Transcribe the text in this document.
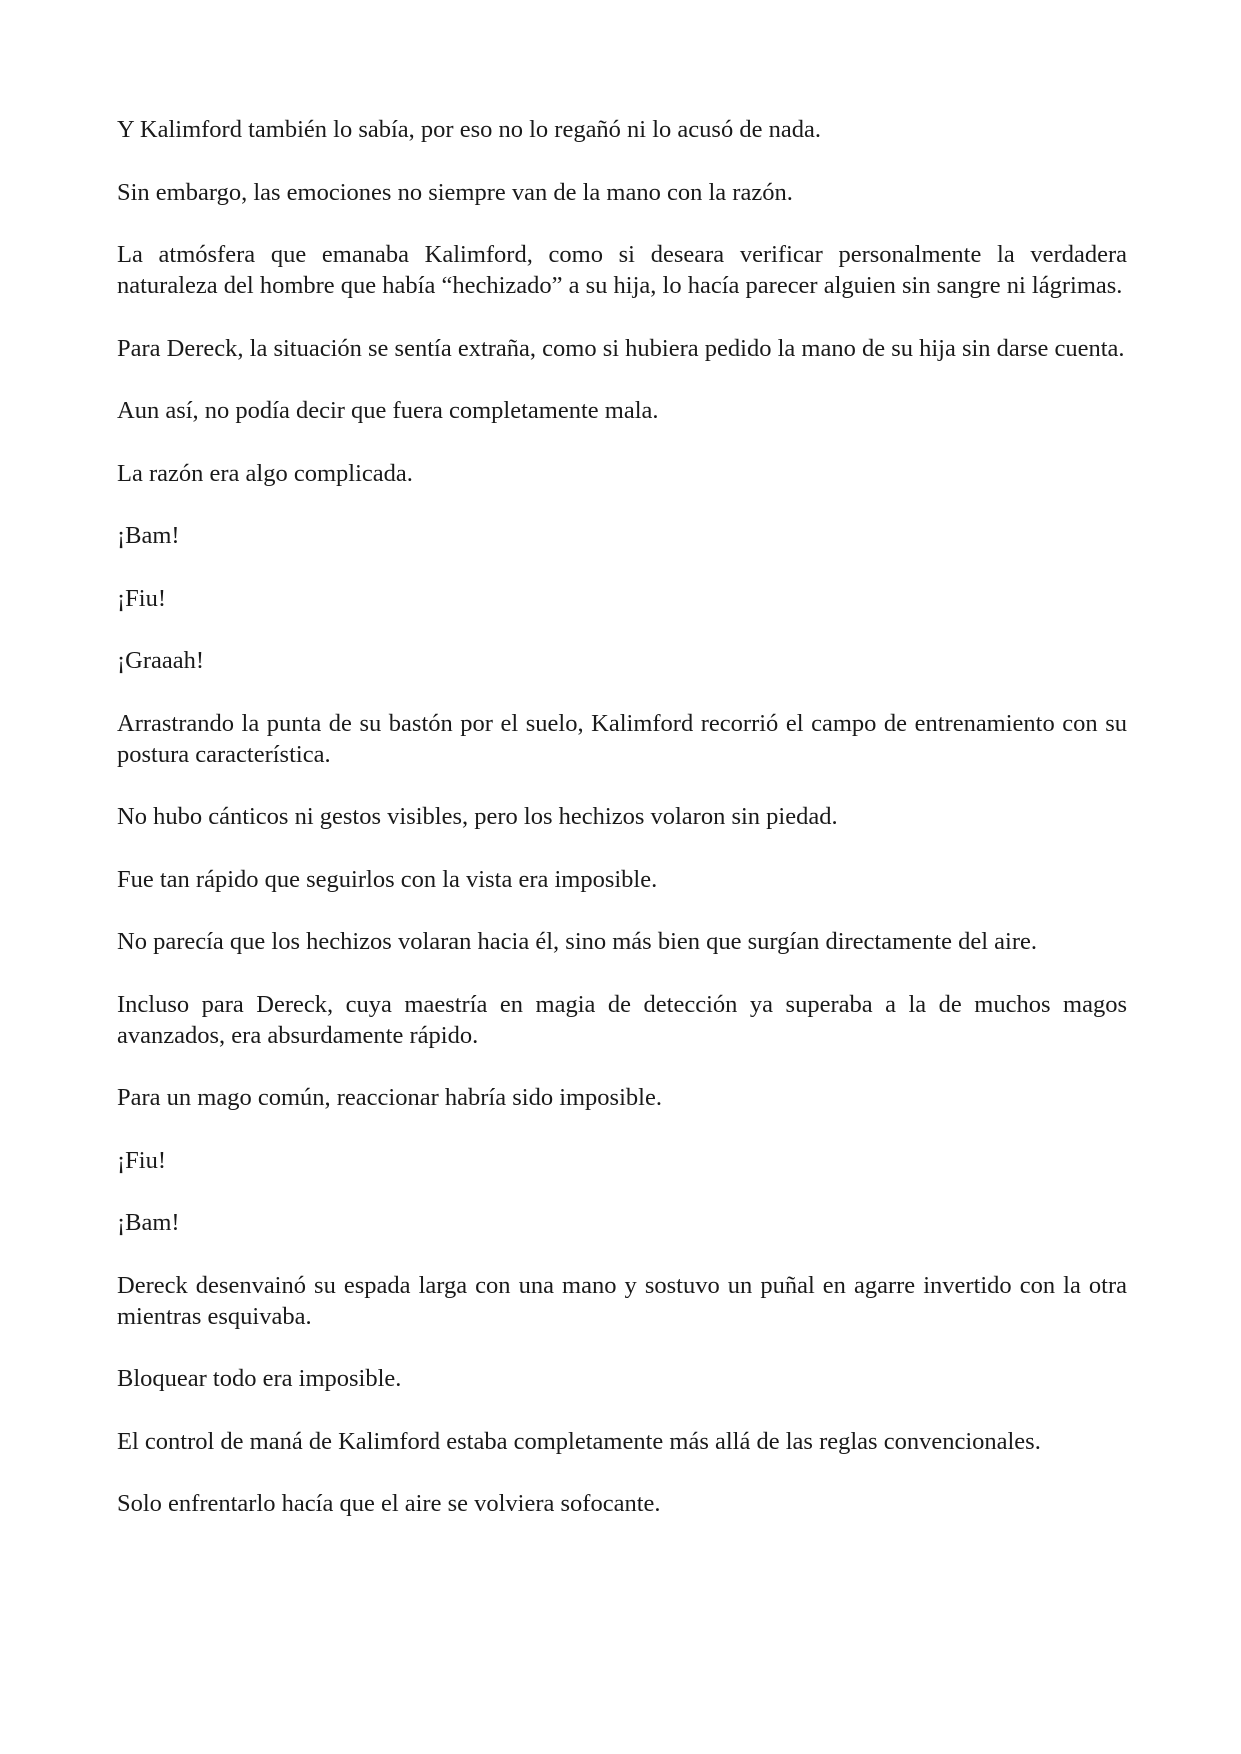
Y Kalimford también lo sabía, por eso no lo regañó ni lo acusó de nada.

Sin embargo, las emociones no siempre van de la mano con la razón.

La atmósfera que emanaba Kalimford, como si deseara verificar personalmente la verdadera naturaleza del hombre que había “hechizado” a su hija, lo hacía parecer alguien sin sangre ni lágrimas.

Para Dereck, la situación se sentía extraña, como si hubiera pedido la mano de su hija sin darse cuenta.

Aun así, no podía decir que fuera completamente mala.

La razón era algo complicada.

¡Bam!

¡Fiu!

¡Graaah!

Arrastrando la punta de su bastón por el suelo, Kalimford recorrió el campo de entrenamiento con su postura característica.

No hubo cánticos ni gestos visibles, pero los hechizos volaron sin piedad.

Fue tan rápido que seguirlos con la vista era imposible.

No parecía que los hechizos volaran hacia él, sino más bien que surgían directamente del aire.

Incluso para Dereck, cuya maestría en magia de detección ya superaba a la de muchos magos avanzados, era absurdamente rápido.

Para un mago común, reaccionar habría sido imposible.

¡Fiu!

¡Bam!

Dereck desenvainó su espada larga con una mano y sostuvo un puñal en agarre invertido con la otra mientras esquivaba.

Bloquear todo era imposible.

El control de maná de Kalimford estaba completamente más allá de las reglas convencionales.

Solo enfrentarlo hacía que el aire se volviera sofocante.
